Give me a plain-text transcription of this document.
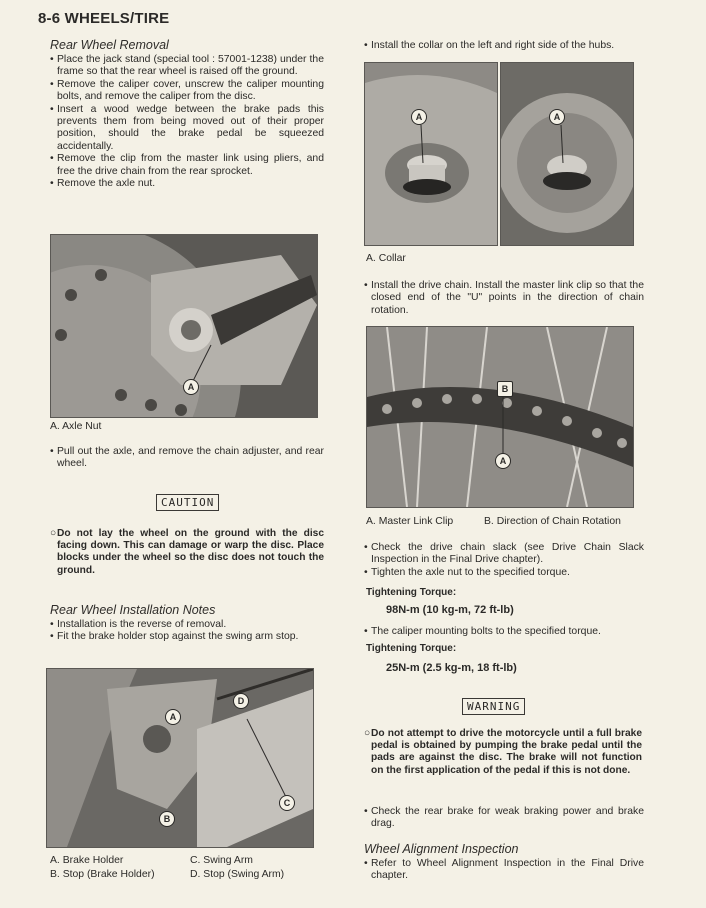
8-6 WHEELS/TIRE
Rear Wheel Removal
• Place the jack stand (special tool : 57001-1238) under the frame so that the rear wheel is raised off the ground.
• Remove the caliper cover, unscrew the caliper mounting bolts, and remove the caliper from the disc.
• Insert a wood wedge between the brake pads this prevents them from being moved out of their proper position, should the brake pedal be squeezed accidentally.
• Remove the clip from the master link using pliers, and free the drive chain from the rear sprocket.
• Remove the axle nut.
A
A. Axle Nut
• Pull out the axle, and remove the chain adjuster, and rear wheel.
CAUTION
○ Do not lay the wheel on the ground with the disc facing down. This can damage or warp the disc. Place blocks under the wheel so the disc does not touch the ground.
Rear Wheel Installation Notes
• Installation is the reverse of removal.
• Fit the brake holder stop against the swing arm stop.
A
B
C
D
A. Brake Holder
B. Stop (Brake Holder)
C. Swing Arm
D. Stop (Swing Arm)
• Install the collar on the left and right side of the hubs.
A	A
A. Collar
• Install the drive chain. Install the master link clip so that the closed end of the "U" points in the direction of chain rotation.
B
A
A. Master Link Clip	B. Direction of Chain Rotation
• Check the drive chain slack (see Drive Chain Slack Inspection in the Final Drive chapter).
• Tighten the axle nut to the specified torque.
Tightening Torque:
98N-m (10 kg-m, 72 ft-lb)
• The caliper mounting bolts to the specified torque.
Tightening Torque:
25N-m (2.5 kg-m, 18 ft-lb)
WARNING
○ Do not attempt to drive the motorcycle until a full brake pedal is obtained by pumping the brake pedal until the pads are against the disc. The brake will not function on the first application of the pedal if this is not done.
• Check the rear brake for weak braking power and brake drag.
Wheel Alignment Inspection
• Refer to Wheel Alignment Inspection in the Final Drive chapter.
